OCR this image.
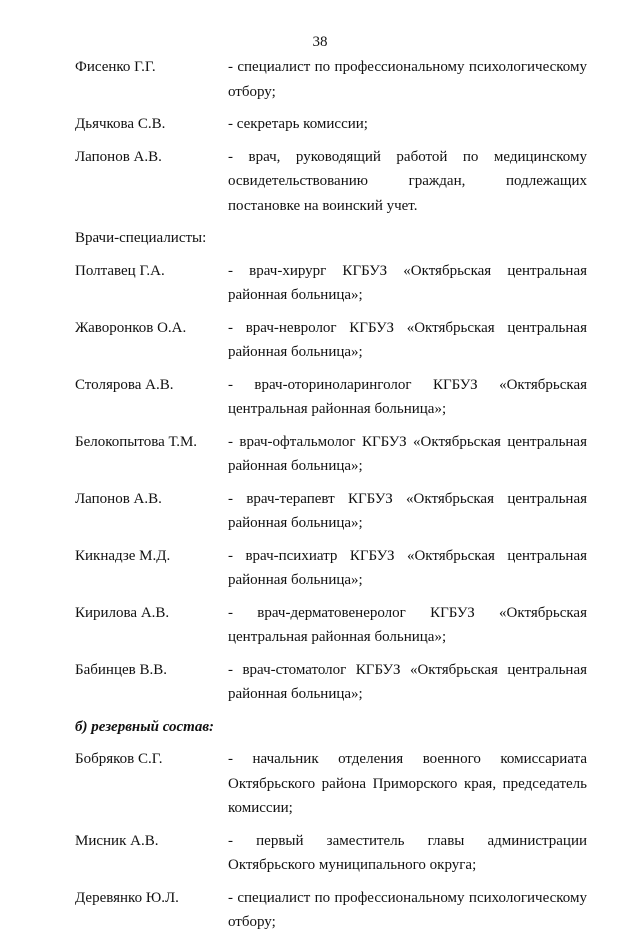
38
Фисенко Г.Г.	- специалист по профессиональному психологическому отбору;
Дьячкова С.В.	- секретарь комиссии;
Лапонов А.В.	- врач, руководящий работой по медицинскому освидетельствованию граждан, подлежащих постановке на воинский учет.
Врачи-специалисты:
Полтавец Г.А.	- врач-хирург КГБУЗ «Октябрьская центральная районная больница»;
Жаворонков О.А.	- врач-невролог КГБУЗ «Октябрьская центральная районная больница»;
Столярова А.В.	- врач-оториноларинголог КГБУЗ «Октябрьская центральная районная больница»;
Белокопытова Т.М.	- врач-офтальмолог КГБУЗ «Октябрьская центральная районная больница»;
Лапонов А.В.	- врач-терапевт КГБУЗ «Октябрьская центральная районная больница»;
Кикнадзе М.Д.	- врач-психиатр КГБУЗ «Октябрьская центральная районная больница»;
Кирилова А.В.	- врач-дерматовенеролог КГБУЗ «Октябрьская центральная районная больница»;
Бабинцев В.В.	- врач-стоматолог КГБУЗ «Октябрьская центральная районная больница»;
б) резервный состав:
Бобряков С.Г.	- начальник отделения военного комиссариата Октябрьского района Приморского края, председатель комиссии;
Мисник А.В.	- первый заместитель главы администрации Октябрьского муниципального округа;
Деревянко Ю.Л.	- специалист по профессиональному психологическому отбору;
